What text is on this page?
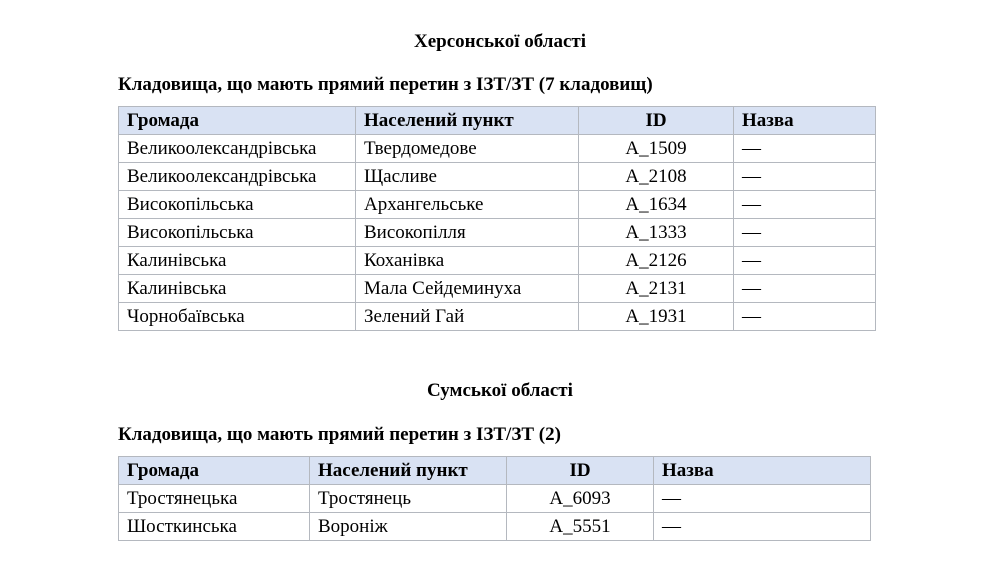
Херсонської області
Кладовища, що мають прямий перетин з ІЗТ/ЗТ (7 кладовищ)
Громада	Населений пункт	ID	Назва
Великоолександрівська	Твердомедове	A_1509	—
Великоолександрівська	Щасливе	A_2108	—
Високопільська	Архангельське	A_1634	—
Високопільська	Високопілля	A_1333	—
Калинівська	Коханівка	A_2126	—
Калинівська	Мала Сейдеминуха	A_2131	—
Чорнобаївська	Зелений Гай	A_1931	—
Сумської області
Кладовища, що мають прямий перетин з ІЗТ/ЗТ (2)
Громада	Населений пункт	ID	Назва
Тростянецька	Тростянець	A_6093	—
Шосткинська	Вороніж	A_5551	—
